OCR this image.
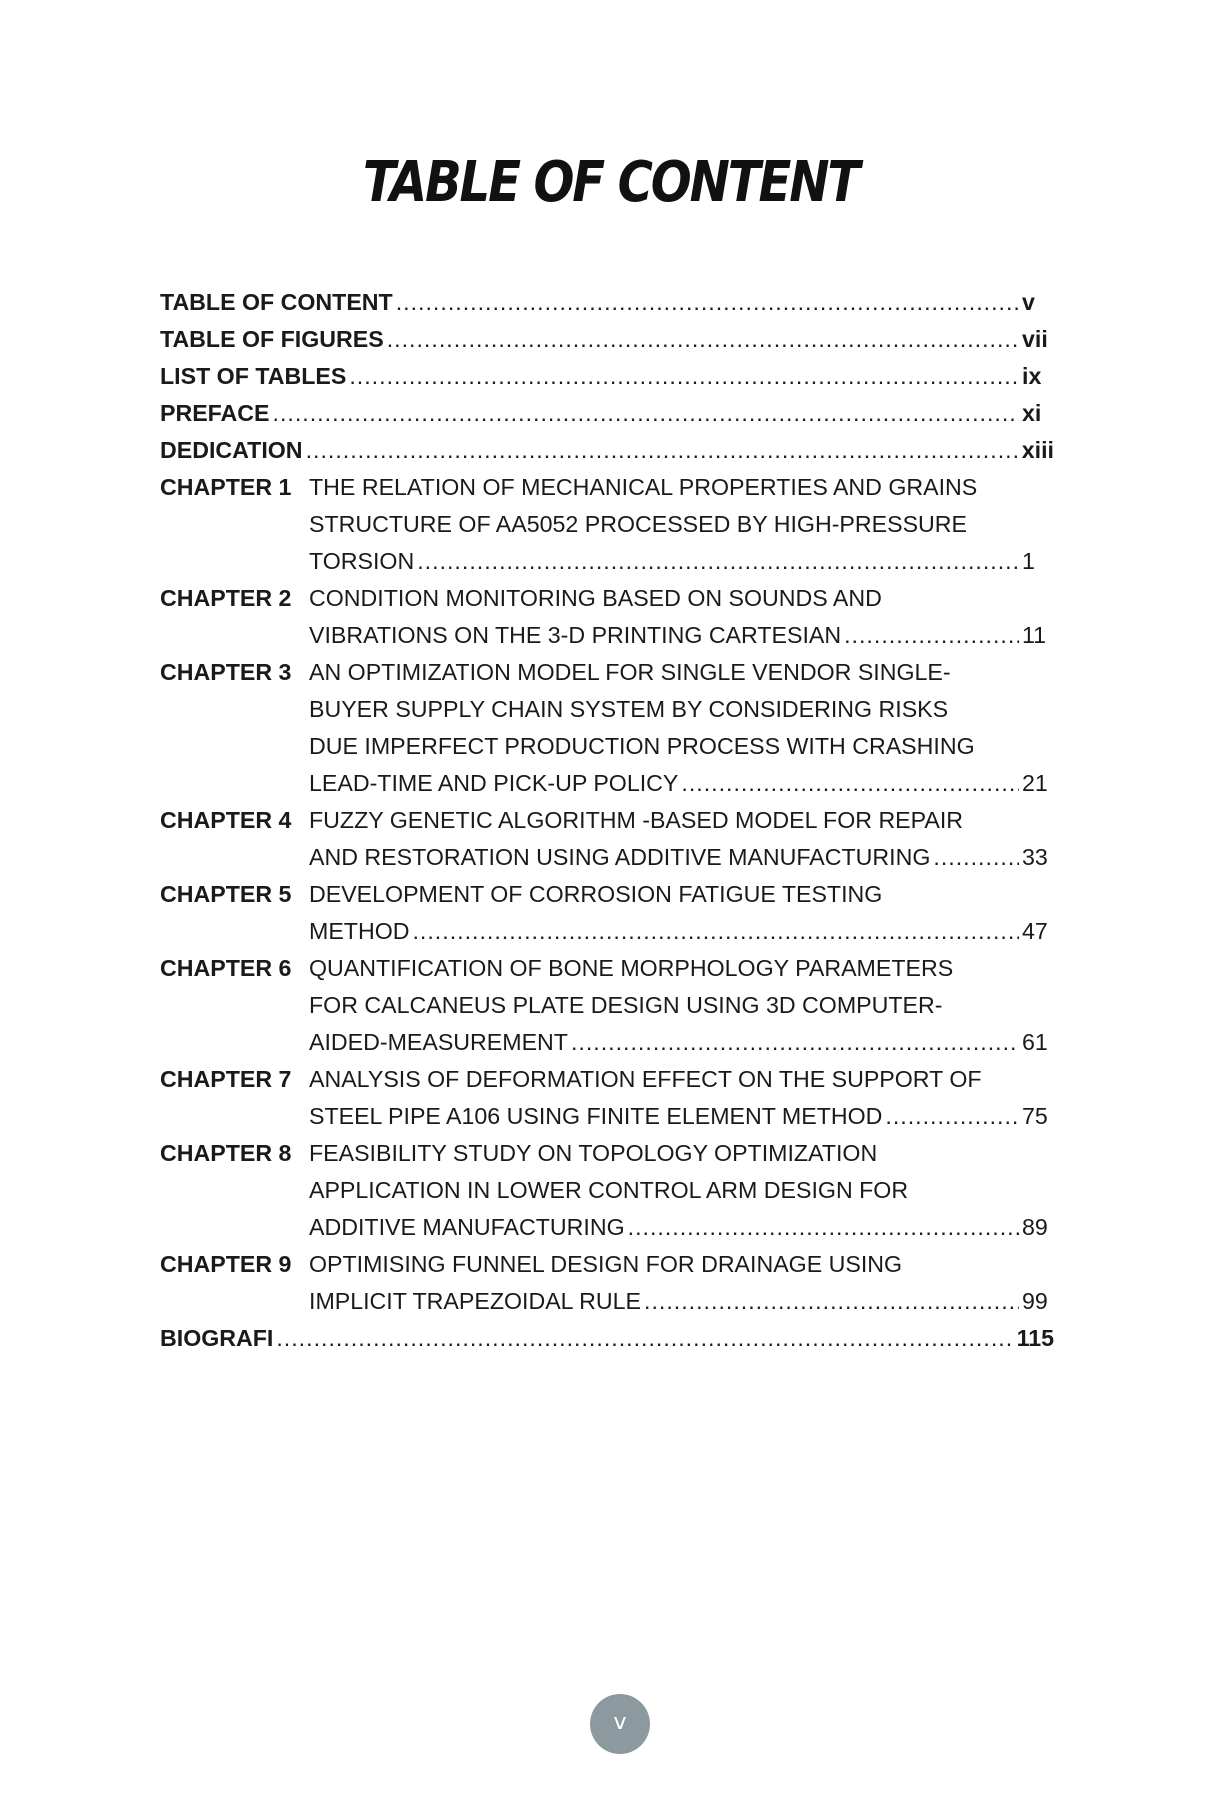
TABLE OF CONTENT
TABLE OF CONTENT .....	v
TABLE OF FIGURES .....	vii
LIST OF TABLES .....	ix
PREFACE .....	xi
DEDICATION .....	xiii
CHAPTER 1 THE RELATION OF MECHANICAL PROPERTIES AND GRAINS
STRUCTURE OF AA5052 PROCESSED BY HIGH-PRESSURE
TORSION .....	1
CHAPTER 2 CONDITION MONITORING BASED ON SOUNDS AND
VIBRATIONS ON THE 3-D PRINTING CARTESIAN .....	11
CHAPTER 3 AN OPTIMIZATION MODEL FOR SINGLE VENDOR SINGLE-
BUYER SUPPLY CHAIN SYSTEM BY CONSIDERING RISKS
DUE IMPERFECT PRODUCTION PROCESS WITH CRASHING
LEAD-TIME AND PICK-UP POLICY .....	21
CHAPTER 4 FUZZY GENETIC ALGORITHM -BASED MODEL FOR REPAIR
AND RESTORATION USING ADDITIVE MANUFACTURING .....	33
CHAPTER 5 DEVELOPMENT OF CORROSION FATIGUE TESTING
METHOD .....	47
CHAPTER 6 QUANTIFICATION OF BONE MORPHOLOGY PARAMETERS
FOR CALCANEUS PLATE DESIGN USING 3D COMPUTER-
AIDED-MEASUREMENT .....	61
CHAPTER 7 ANALYSIS OF DEFORMATION EFFECT ON THE SUPPORT OF
STEEL PIPE A106 USING FINITE ELEMENT METHOD .....	75
CHAPTER 8 FEASIBILITY STUDY ON TOPOLOGY OPTIMIZATION
APPLICATION IN LOWER CONTROL ARM DESIGN FOR
ADDITIVE MANUFACTURING .....	89
CHAPTER 9 OPTIMISING FUNNEL DESIGN FOR DRAINAGE USING
IMPLICIT TRAPEZOIDAL RULE .....	99
BIOGRAFI .....	115
v
